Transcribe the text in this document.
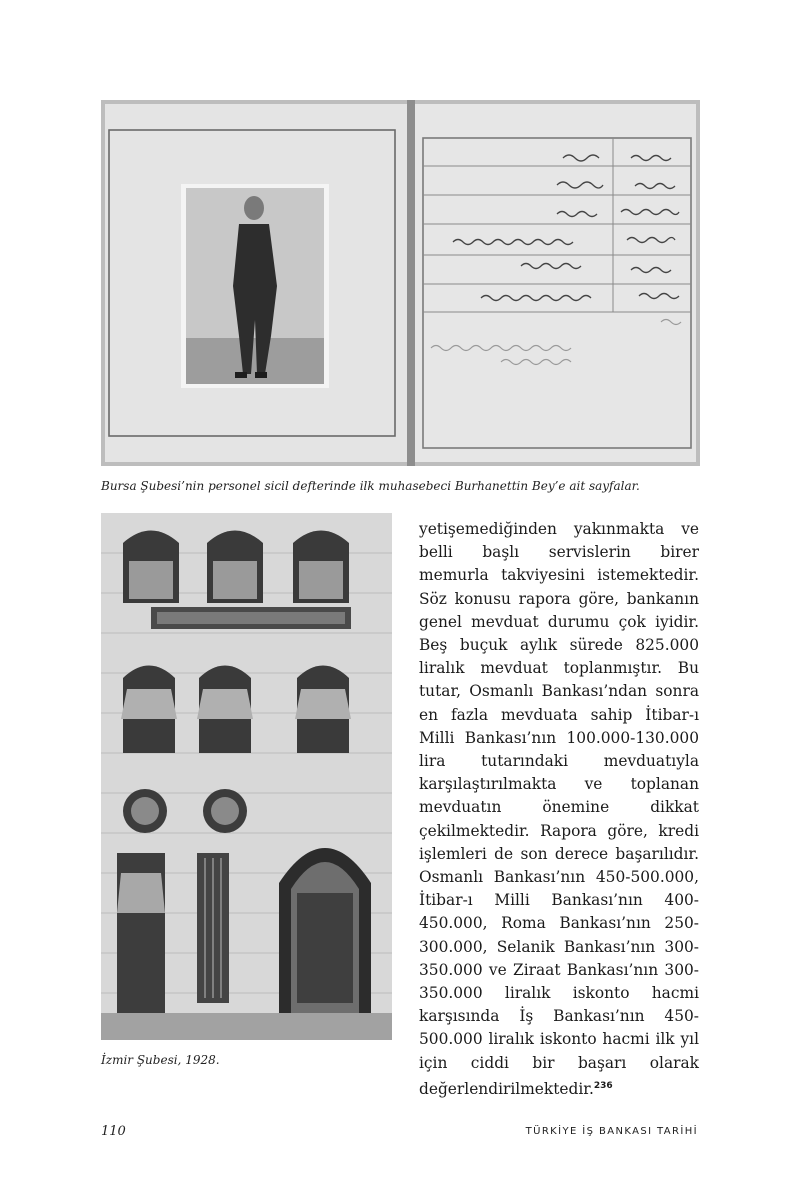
Bursa Şubesi’nin personel sicil defterinde ilk muhasebeci Burhanettin Bey’e ait sayfalar.
İzmir Şubesi, 1928.
yetişemediğinden yakınmakta ve belli başlı servislerin birer memurla takviyesini istemektedir. Söz konusu rapora göre, bankanın genel mevduat durumu çok iyidir. Beş buçuk aylık sürede 825.000 liralık mevduat toplanmıştır. Bu tutar, Osmanlı Bankası’ndan sonra en fazla mevduata sahip İtibar-ı Milli Bankası’nın 100.000-130.000 lira tutarındaki mevduatıyla karşılaştırılmakta ve toplanan mevduatın önemine dikkat çekilmektedir. Rapora göre, kredi işlemleri de son derece başarılıdır. Osmanlı Bankası’nın 450-500.000, İtibar-ı Milli Bankası’nın 400-450.000, Roma Bankası’nın 250-300.000, Selanik Bankası’nın 300-350.000 ve Ziraat Bankası’nın 300-350.000 liralık iskonto hacmi karşısında İş Bankası’nın 450-500.000 liralık iskonto hacmi ilk yıl için ciddi bir başarı olarak değerlendirilmektedir.$^{236}$
110	TÜRKİYE İŞ BANKASI TARİHİ
